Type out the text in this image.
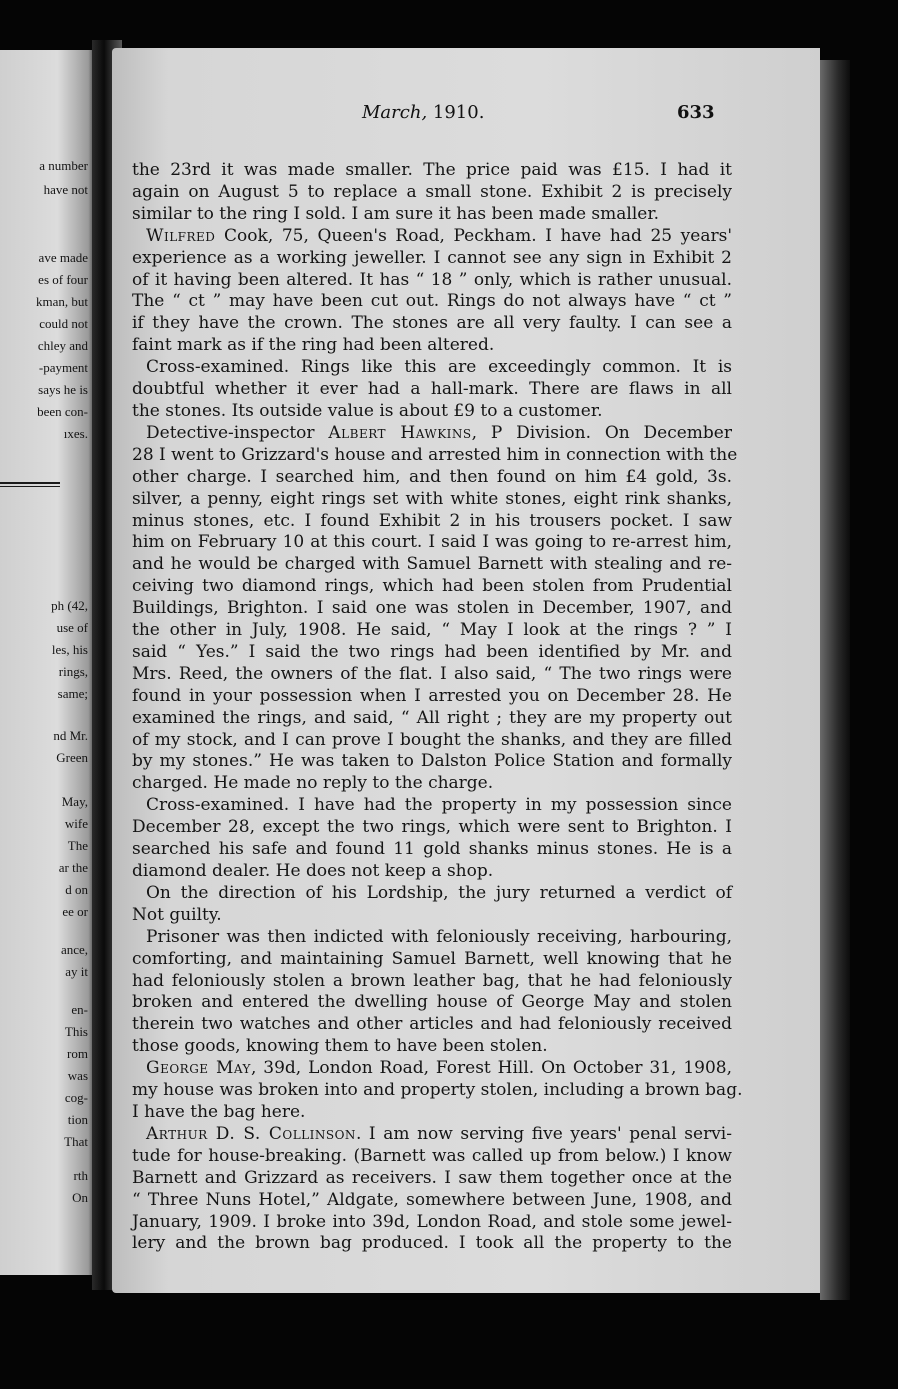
a number
have not
ave made
es of four
kman, but
could not
chley and
-payment
says he is
been con-
ıxes.
ph (42,
use of
les, his
rings,
same;
nd Mr.
Green
May,
wife
The
ar the
d on
ee or
ance,
ay it
en-
This
rom
was
cog-
tion
That
rth
On
March, 1910.	633
the 23rd it was made smaller. The price paid was £15. I had it
again on August 5 to replace a small stone. Exhibit 2 is precisely
similar to the ring I sold. I am sure it has been made smaller.
Wilfred Cook, 75, Queen's Road, Peckham. I have had 25 years'
experience as a working jeweller. I cannot see any sign in Exhibit 2
of it having been altered. It has “ 18 ” only, which is rather unusual.
The “ ct ” may have been cut out. Rings do not always have “ ct ”
if they have the crown. The stones are all very faulty. I can see a
faint mark as if the ring had been altered.
Cross-examined. Rings like this are exceedingly common. It is
doubtful whether it ever had a hall-mark. There are flaws in all
the stones. Its outside value is about £9 to a customer.
Detective-inspector Albert Hawkins, P Division. On December
28 I went to Grizzard's house and arrested him in connection with the
other charge. I searched him, and then found on him £4 gold, 3s.
silver, a penny, eight rings set with white stones, eight rink shanks,
minus stones, etc. I found Exhibit 2 in his trousers pocket. I saw
him on February 10 at this court. I said I was going to re-arrest him,
and he would be charged with Samuel Barnett with stealing and re-
ceiving two diamond rings, which had been stolen from Prudential
Buildings, Brighton. I said one was stolen in December, 1907, and
the other in July, 1908. He said, “ May I look at the rings ? ” I
said “ Yes.” I said the two rings had been identified by Mr. and
Mrs. Reed, the owners of the flat. I also said, “ The two rings were
found in your possession when I arrested you on December 28. He
examined the rings, and said, “ All right ; they are my property out
of my stock, and I can prove I bought the shanks, and they are filled
by my stones.” He was taken to Dalston Police Station and formally
charged. He made no reply to the charge.
Cross-examined. I have had the property in my possession since
December 28, except the two rings, which were sent to Brighton. I
searched his safe and found 11 gold shanks minus stones. He is a
diamond dealer. He does not keep a shop.
On the direction of his Lordship, the jury returned a verdict of
Not guilty.
Prisoner was then indicted with feloniously receiving, harbouring,
comforting, and maintaining Samuel Barnett, well knowing that he
had feloniously stolen a brown leather bag, that he had feloniously
broken and entered the dwelling house of George May and stolen
therein two watches and other articles and had feloniously received
those goods, knowing them to have been stolen.
George May, 39d, London Road, Forest Hill. On October 31, 1908,
my house was broken into and property stolen, including a brown bag.
I have the bag here.
Arthur D. S. Collinson. I am now serving five years' penal servi-
tude for house-breaking. (Barnett was called up from below.) I know
Barnett and Grizzard as receivers. I saw them together once at the
“ Three Nuns Hotel,” Aldgate, somewhere between June, 1908, and
January, 1909. I broke into 39d, London Road, and stole some jewel-
lery and the brown bag produced. I took all the property to the
